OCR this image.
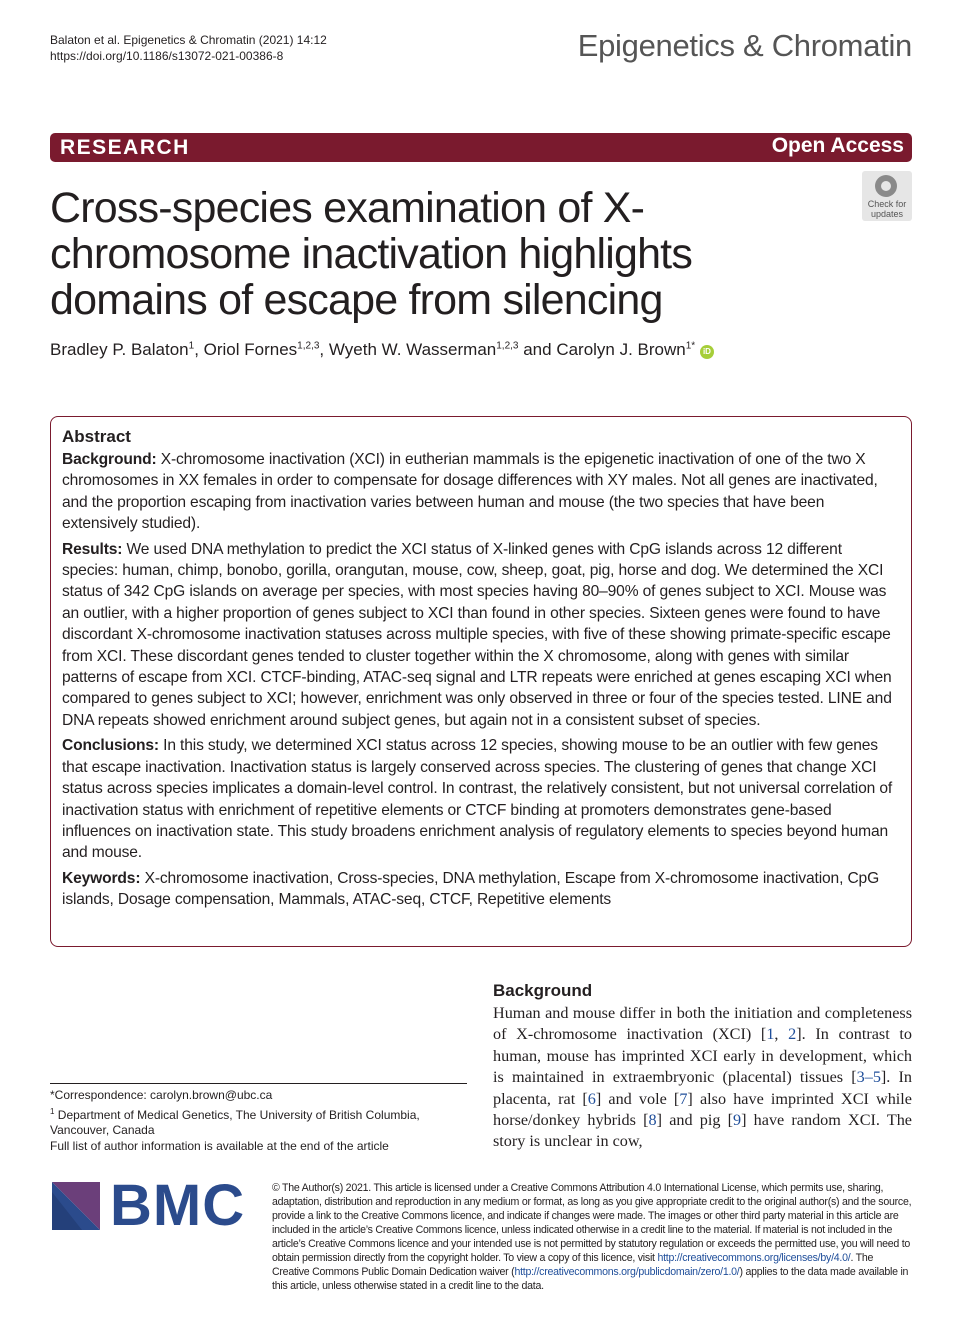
Balaton et al. Epigenetics & Chromatin (2021) 14:12
https://doi.org/10.1186/s13072-021-00386-8	Epigenetics & Chromatin
RESEARCH	Open Access
Cross-species examination of X-chromosome inactivation highlights domains of escape from silencing
Check for
updates
Bradley P. Balaton$^1$, Oriol Fornes$^{1,2,3}$, Wyeth W. Wasserman$^{1,2,3}$ and Carolyn J. Brown$^{1*}$ iD
Abstract

Background: X-chromosome inactivation (XCI) in eutherian mammals is the epigenetic inactivation of one of the two X chromosomes in XX females in order to compensate for dosage differences with XY males. Not all genes are inactivated, and the proportion escaping from inactivation varies between human and mouse (the two species that have been extensively studied).

Results: We used DNA methylation to predict the XCI status of X-linked genes with CpG islands across 12 different species: human, chimp, bonobo, gorilla, orangutan, mouse, cow, sheep, goat, pig, horse and dog. We determined the XCI status of 342 CpG islands on average per species, with most species having 80–90% of genes subject to XCI. Mouse was an outlier, with a higher proportion of genes subject to XCI than found in other species. Sixteen genes were found to have discordant X-chromosome inactivation statuses across multiple species, with five of these showing primate-specific escape from XCI. These discordant genes tended to cluster together within the X chromosome, along with genes with similar patterns of escape from XCI. CTCF-binding, ATAC-seq signal and LTR repeats were enriched at genes escaping XCI when compared to genes subject to XCI; however, enrichment was only observed in three or four of the species tested. LINE and DNA repeats showed enrichment around subject genes, but again not in a consistent subset of species.

Conclusions: In this study, we determined XCI status across 12 species, showing mouse to be an outlier with few genes that escape inactivation. Inactivation status is largely conserved across species. The clustering of genes that change XCI status across species implicates a domain-level control. In contrast, the relatively consistent, but not universal correlation of inactivation status with enrichment of repetitive elements or CTCF binding at promoters demonstrates gene-based influences on inactivation state. This study broadens enrichment analysis of regulatory elements to species beyond human and mouse.

Keywords: X-chromosome inactivation, Cross-species, DNA methylation, Escape from X-chromosome inactivation, CpG islands, Dosage compensation, Mammals, ATAC-seq, CTCF, Repetitive elements

*Correspondence: carolyn.brown@ubc.ca
$^1$ Department of Medical Genetics, The University of British Columbia, Vancouver, Canada
Full list of author information is available at the end of the article
Background
Human and mouse differ in both the initiation and completeness of X-chromosome inactivation (XCI) [1, 2]. In contrast to human, mouse has imprinted XCI early in development, which is maintained in extraembryonic (placental) tissues [3–5]. In placenta, rat [6] and vole [7] also have imprinted XCI while horse/donkey hybrids [8] and pig [9] have random XCI. The story is unclear in cow,
BMC	© The Author(s) 2021. This article is licensed under a Creative Commons Attribution 4.0 International License, which permits use, sharing, adaptation, distribution and reproduction in any medium or format, as long as you give appropriate credit to the original author(s) and the source, provide a link to the Creative Commons licence, and indicate if changes were made. The images or other third party material in this article are included in the article’s Creative Commons licence, unless indicated otherwise in a credit line to the material. If material is not included in the article’s Creative Commons licence and your intended use is not permitted by statutory regulation or exceeds the permitted use, you will need to obtain permission directly from the copyright holder. To view a copy of this licence, visit http://creativecommons.org/licenses/by/4.0/. The Creative Commons Public Domain Dedication waiver (http://creativecommons.org/publicdomain/zero/1.0/) applies to the data made available in this article, unless otherwise stated in a credit line to the data.
